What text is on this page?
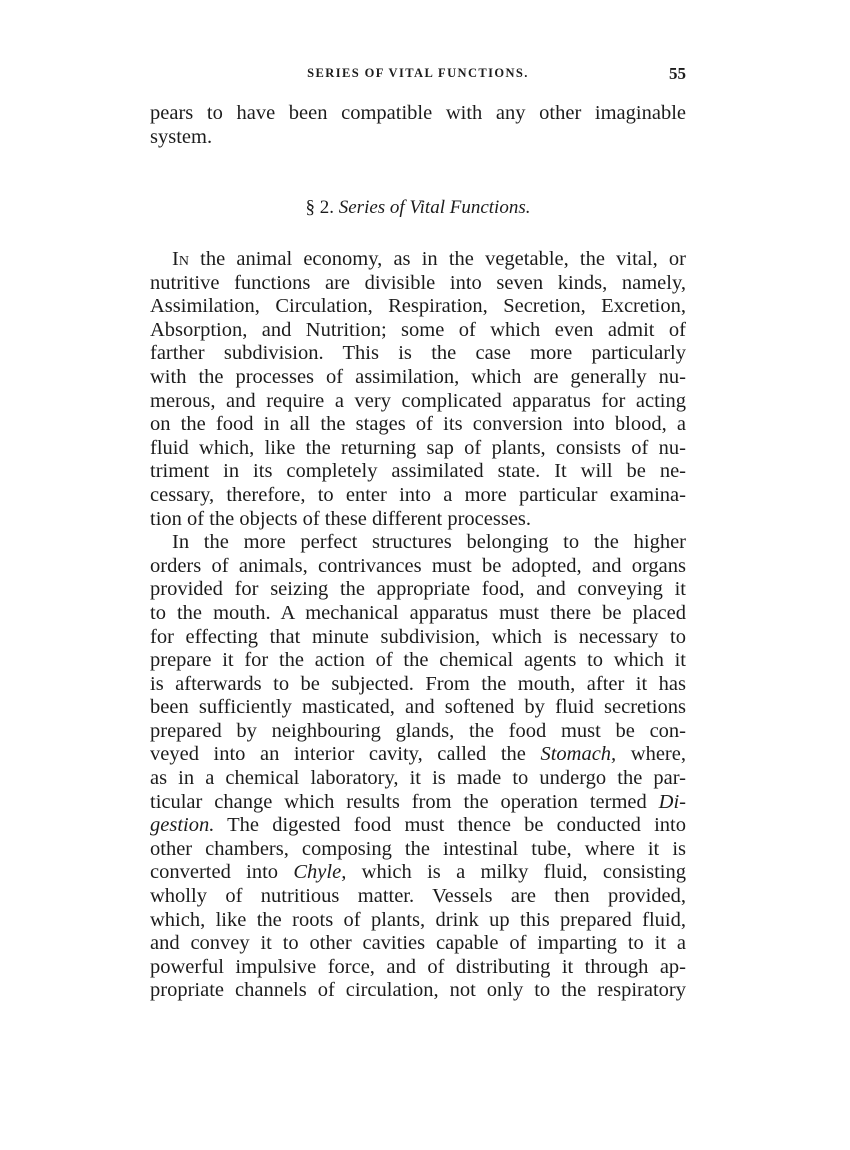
SERIES OF VITAL FUNCTIONS.	55
pears to have been compatible with any other imaginable
system.
§ 2. Series of Vital Functions.
In the animal economy, as in the vegetable, the vital, or
nutritive functions are divisible into seven kinds, namely,
Assimilation, Circulation, Respiration, Secretion, Excretion,
Absorption, and Nutrition; some of which even admit of
farther subdivision. This is the case more particularly
with the processes of assimilation, which are generally nu-
merous, and require a very complicated apparatus for acting
on the food in all the stages of its conversion into blood, a
fluid which, like the returning sap of plants, consists of nu-
triment in its completely assimilated state. It will be ne-
cessary, therefore, to enter into a more particular examina-
tion of the objects of these different processes.
In the more perfect structures belonging to the higher
orders of animals, contrivances must be adopted, and organs
provided for seizing the appropriate food, and conveying it
to the mouth. A mechanical apparatus must there be placed
for effecting that minute subdivision, which is necessary to
prepare it for the action of the chemical agents to which it
is afterwards to be subjected. From the mouth, after it has
been sufficiently masticated, and softened by fluid secretions
prepared by neighbouring glands, the food must be con-
veyed into an interior cavity, called the Stomach, where,
as in a chemical laboratory, it is made to undergo the par-
ticular change which results from the operation termed Di-
gestion. The digested food must thence be conducted into
other chambers, composing the intestinal tube, where it is
converted into Chyle, which is a milky fluid, consisting
wholly of nutritious matter. Vessels are then provided,
which, like the roots of plants, drink up this prepared fluid,
and convey it to other cavities capable of imparting to it a
powerful impulsive force, and of distributing it through ap-
propriate channels of circulation, not only to the respiratory
